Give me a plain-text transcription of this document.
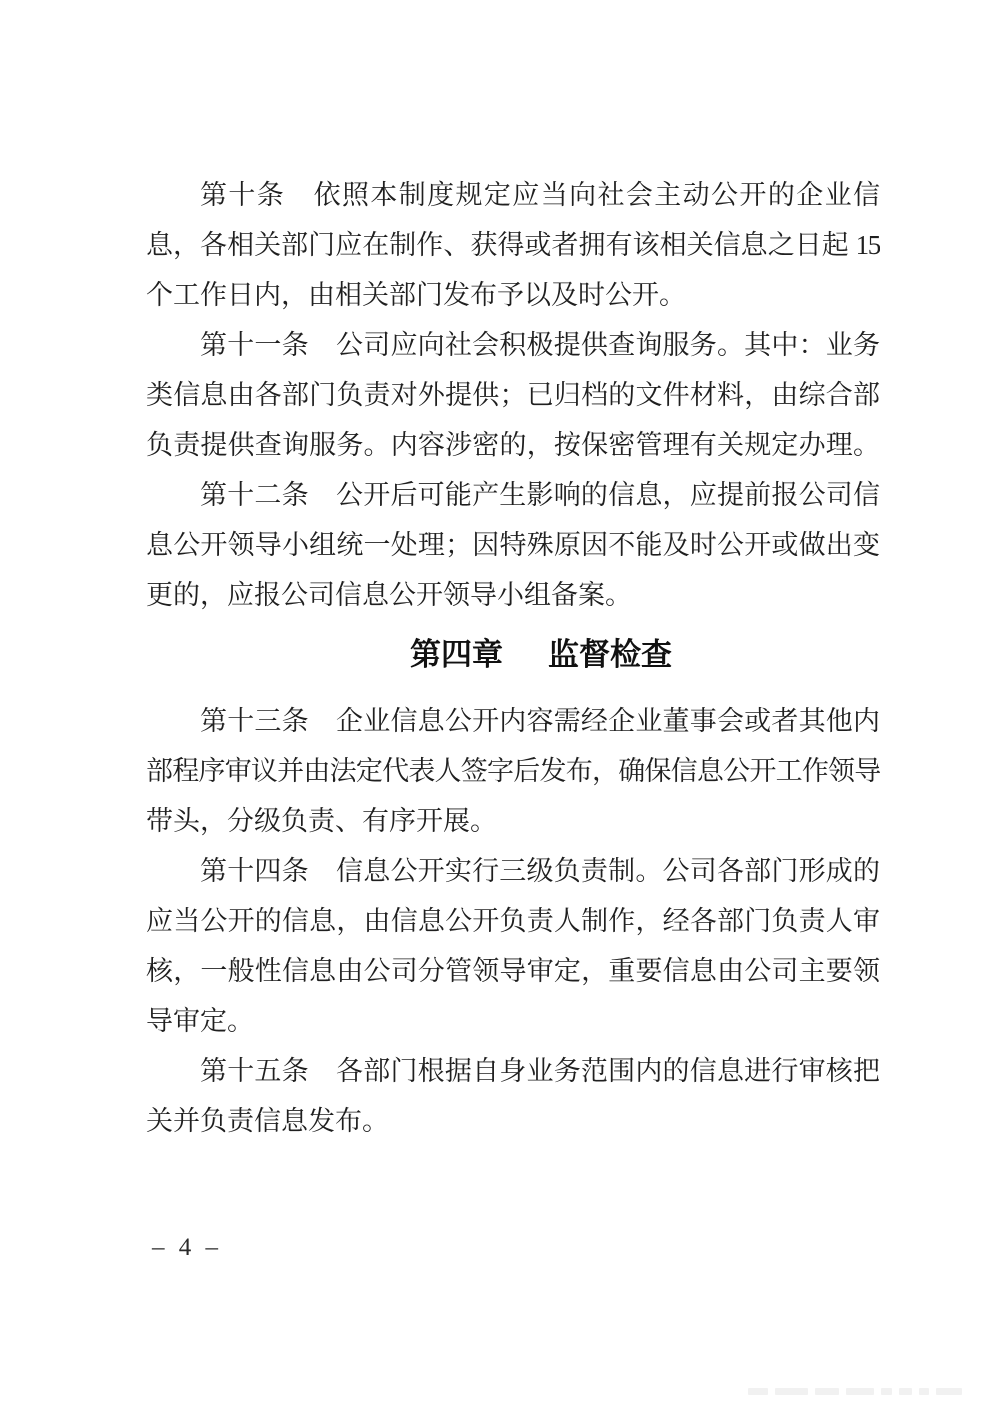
第十条　依照本制度规定应当向社会主动公开的企业信
息，各相关部门应在制作、获得或者拥有该相关信息之日起 15
个工作日内，由相关部门发布予以及时公开。
第十一条　公司应向社会积极提供查询服务。其中：业务
类信息由各部门负责对外提供；已归档的文件材料，由综合部
负责提供查询服务。内容涉密的，按保密管理有关规定办理。
第十二条　公开后可能产生影响的信息，应提前报公司信
息公开领导小组统一处理；因特殊原因不能及时公开或做出变
更的，应报公司信息公开领导小组备案。
第四章 监督检查
第十三条　企业信息公开内容需经企业董事会或者其他内
部程序审议并由法定代表人签字后发布，确保信息公开工作领导
带头，分级负责、有序开展。
第十四条　信息公开实行三级负责制。公司各部门形成的
应当公开的信息，由信息公开负责人制作，经各部门负责人审
核，一般性信息由公司分管领导审定，重要信息由公司主要领
导审定。
第十五条　各部门根据自身业务范围内的信息进行审核把
关并负责信息发布。
– 4 –
